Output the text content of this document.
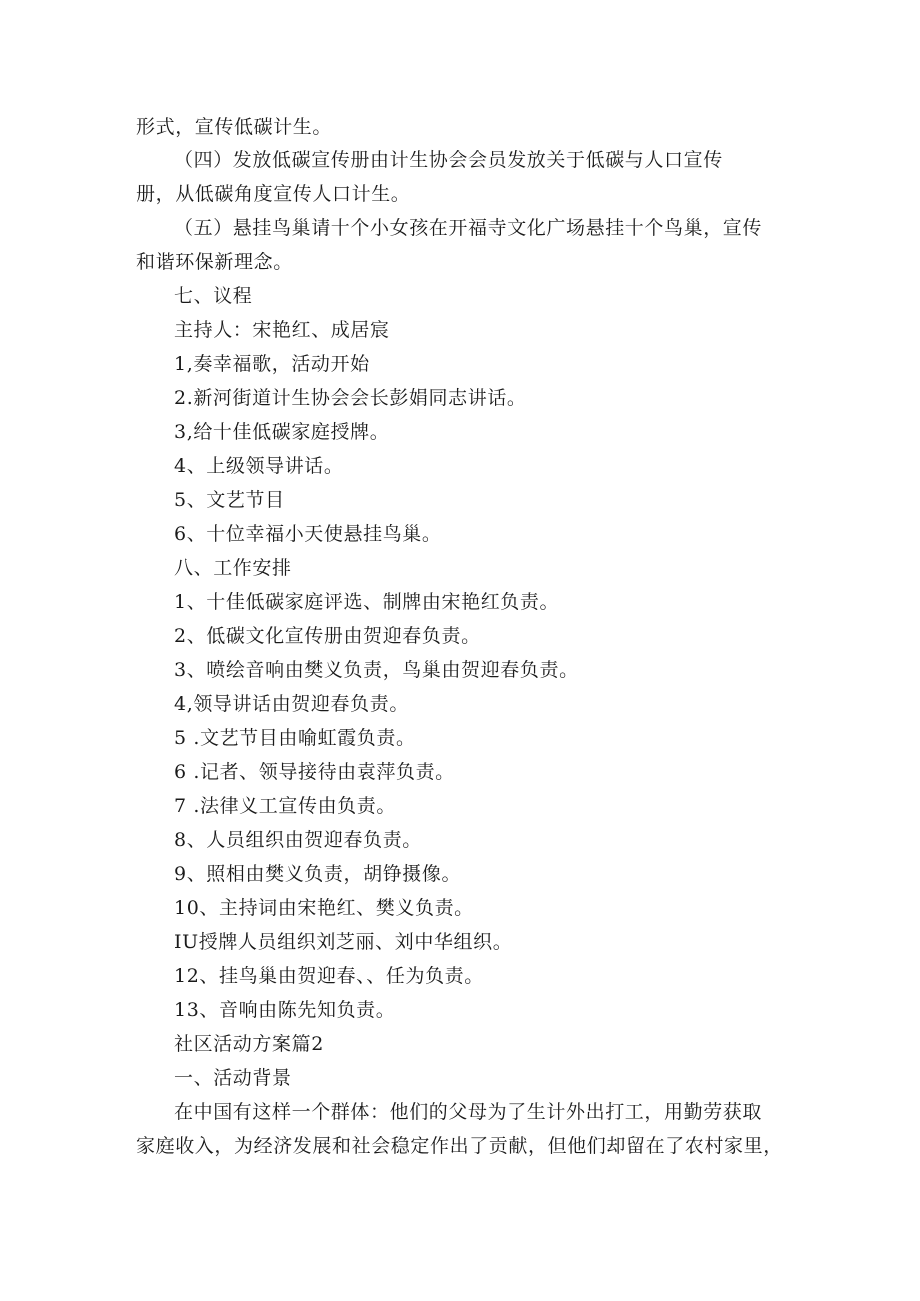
形式，宣传低碳计生。
（四）发放低碳宣传册由计生协会会员发放关于低碳与人口宣传
册，从低碳角度宣传人口计生。
（五）悬挂鸟巢请十个小女孩在开福寺文化广场悬挂十个鸟巢，宣传
和谐环保新理念。
七、议程
主持人：宋艳红、成居宸
1,奏幸福歌，活动开始
2.新河街道计生协会会长彭娟同志讲话。
3,给十佳低碳家庭授牌。
4、上级领导讲话。
5、文艺节目
6、十位幸福小天使悬挂鸟巢。
八、工作安排
1、十佳低碳家庭评选、制牌由宋艳红负责。
2、低碳文化宣传册由贺迎春负责。
3、喷绘音响由樊义负责，鸟巢由贺迎春负责。
4,领导讲话由贺迎春负责。
5 .文艺节目由喻虹霞负责。
6 .记者、领导接待由袁萍负责。
7 .法律义工宣传由负责。
8、人员组织由贺迎春负责。
9、照相由樊义负责，胡铮摄像。
10、主持词由宋艳红、樊义负责。
IU授牌人员组织刘芝丽、刘中华组织。
12、挂鸟巢由贺迎春、、任为负责。
13、音响由陈先知负责。
社区活动方案篇2
一、活动背景
在中国有这样一个群体：他们的父母为了生计外出打工，用勤劳获取
家庭收入，为经济发展和社会稳定作出了贡献，但他们却留在了农村家里，
